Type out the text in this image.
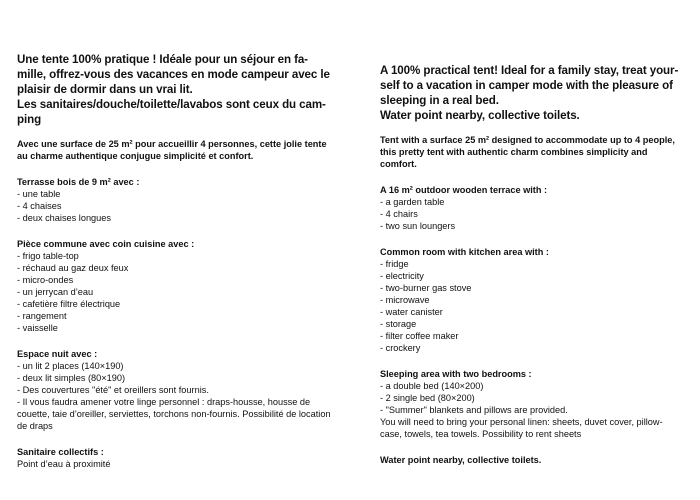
Une tente 100% pratique ! Idéale pour un séjour en fa-
mille, offrez-vous des vacances en mode campeur avec le
plaisir de dormir dans un vrai lit.
Les sanitaires/douche/toilette/lavabos sont ceux du cam-
ping

Avec une surface de 25 m² pour accueillir 4 personnes, cette jolie tente au charme authentique conjugue simplicité et confort.

Terrasse bois de 9 m² avec :
- une table
- 4 chaises
- deux chaises longues
Pièce commune avec coin cuisine avec :
- frigo table-top
- réchaud au gaz deux feux
- micro-ondes
- un jerrycan d’eau
- cafetière filtre électrique
- rangement
- vaisselle
Espace nuit avec :
- un lit 2 places (140×190)
- deux lit simples (80×190)
- Des couvertures "été" et oreillers sont fournis.
- Il vous faudra amener votre linge personnel : draps-housse, housse de couette, taie d’oreiller, serviettes, torchons non-fournis. Possibilité de location de draps
Sanitaire collectifs :
Point d’eau à proximité

A 100% practical tent! Ideal for a family stay, treat your-
self to a vacation in camper mode with the pleasure of
sleeping in a real bed.
Water point nearby, collective toilets.

Tent with a surface 25 m² designed to accommodate up to 4 people, this pretty tent with authentic charm combines simplicity and comfort.

A 16 m² outdoor wooden terrace with :
- a garden table
- 4 chairs
- two sun loungers
Common room with kitchen area with :
- fridge
- electricity
- two-burner gas stove
- microwave
- water canister
- storage
- filter coffee maker
- crockery
Sleeping area with two bedrooms :
- a double bed (140×200)
- 2 single bed (80×200)
- "Summer" blankets and pillows are provided.
You will need to bring your personal linen: sheets, duvet cover, pillow-case, towels, tea towels. Possibility to rent sheets
Water point nearby, collective toilets.
